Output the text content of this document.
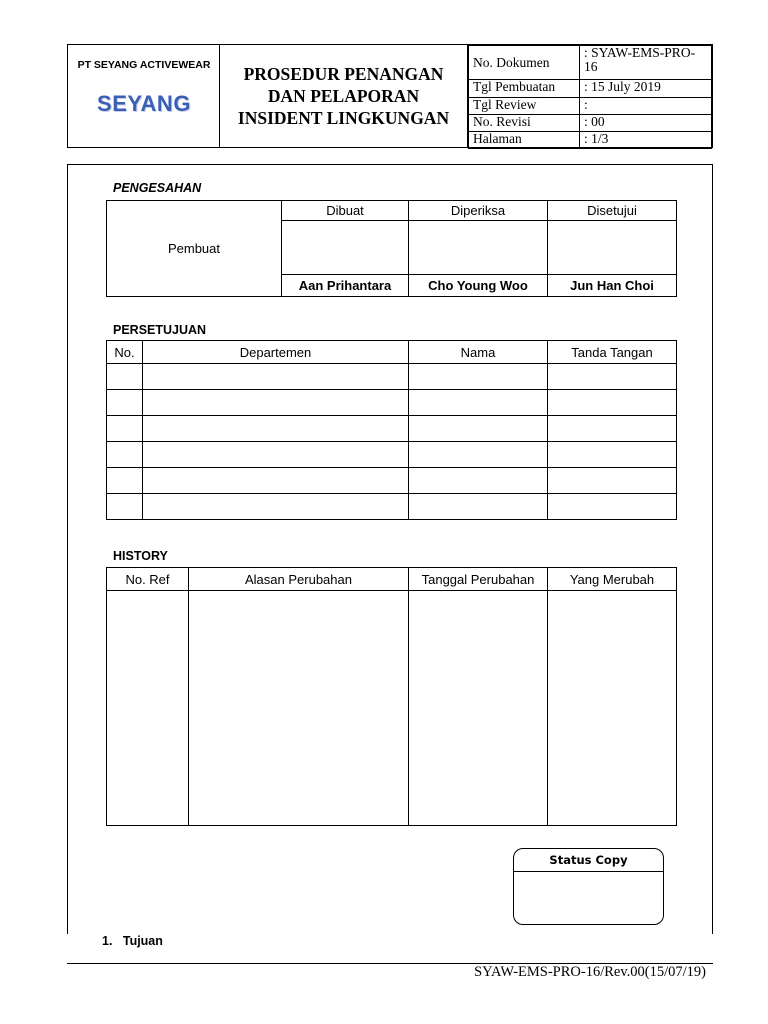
PT SEYANG ACTIVEWEAR
SEYANG
PROSEDUR PENANGAN
DAN PELAPORAN
INSIDENT LINGKUNGAN
No. Dokumen	: SYAW-EMS-PRO-16
Tgl Pembuatan	: 15 July 2019
Tgl Review	:
No. Revisi	: 00
Halaman	: 1/3
PENGESAHAN
Pembuat	Dibuat	Diperiksa	Disetujui

	Aan Prihantara	Cho Young Woo	Jun Han Choi
PERSETUJUAN
No.	Departemen	Nama	Tanda Tangan

HISTORY
No. Ref	Alasan Perubahan	Tanggal Perubahan	Yang Merubah

Status Copy
1. Tujuan
SYAW-EMS-PRO-16/Rev.00(15/07/19)
